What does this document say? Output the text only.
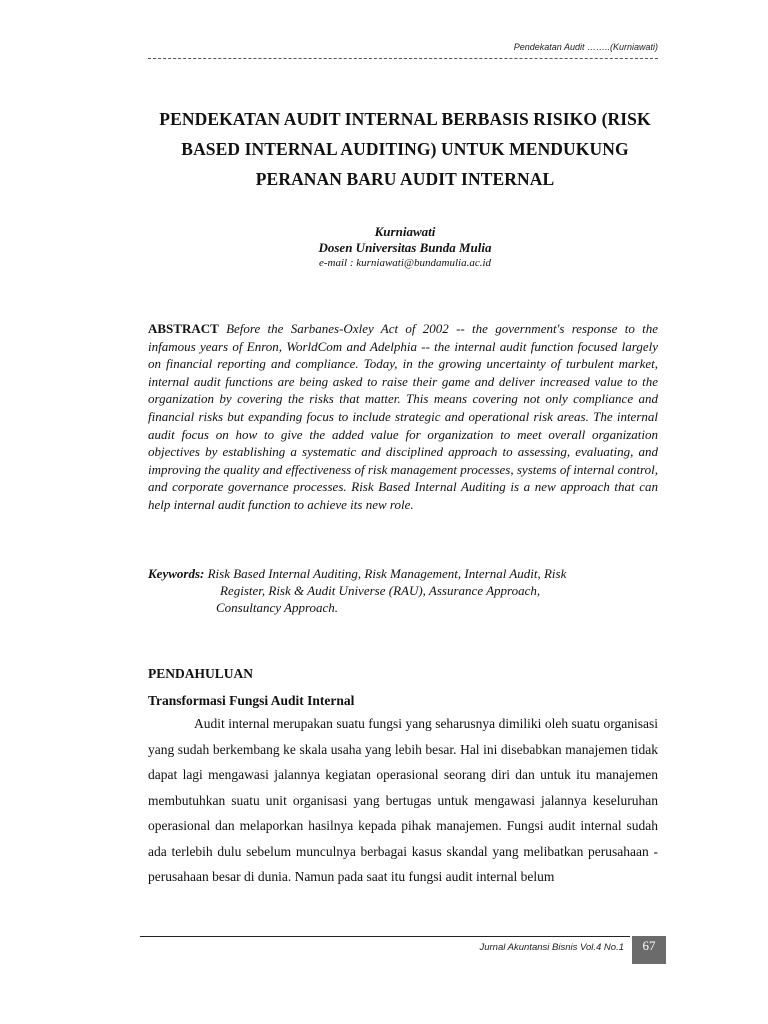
Pendekatan Audit ……..(Kurniawati)
PENDEKATAN AUDIT INTERNAL BERBASIS RISIKO (RISK
BASED INTERNAL AUDITING) UNTUK MENDUKUNG
PERANAN BARU AUDIT INTERNAL
Kurniawati
Dosen Universitas Bunda Mulia
e-mail : kurniawati@bundamulia.ac.id
ABSTRACT Before the Sarbanes-Oxley Act of 2002 -- the government's response to the infamous years of Enron, WorldCom and Adelphia -- the internal audit function focused largely on financial reporting and compliance. Today, in the growing uncertainty of turbulent market, internal audit functions are being asked to raise their game and deliver increased value to the organization by covering the risks that matter. This means covering not only compliance and financial risks but expanding focus to include strategic and operational risk areas. The internal audit focus on how to give the added value for organization to meet overall organization objectives by establishing a systematic and disciplined approach to assessing, evaluating, and improving the quality and effectiveness of risk management processes, systems of internal control, and corporate governance processes. Risk Based Internal Auditing is a new approach that can help internal audit function to achieve its new role.
Keywords: Risk Based Internal Auditing, Risk Management, Internal Audit, Risk
Register, Risk & Audit Universe (RAU), Assurance Approach,
Consultancy Approach.
PENDAHULUAN
Transformasi Fungsi Audit Internal
Audit internal merupakan suatu fungsi yang seharusnya dimiliki oleh suatu organisasi yang sudah berkembang ke skala usaha yang lebih besar. Hal ini disebabkan manajemen tidak dapat lagi mengawasi jalannya kegiatan operasional seorang diri dan untuk itu manajemen membutuhkan suatu unit organisasi yang bertugas untuk mengawasi jalannya keseluruhan operasional dan melaporkan hasilnya kepada pihak manajemen. Fungsi audit internal sudah ada terlebih dulu sebelum munculnya berbagai kasus skandal yang melibatkan perusahaan - perusahaan besar di dunia. Namun pada saat itu fungsi audit internal belum
Jurnal Akuntansi Bisnis Vol.4 No.1	67
